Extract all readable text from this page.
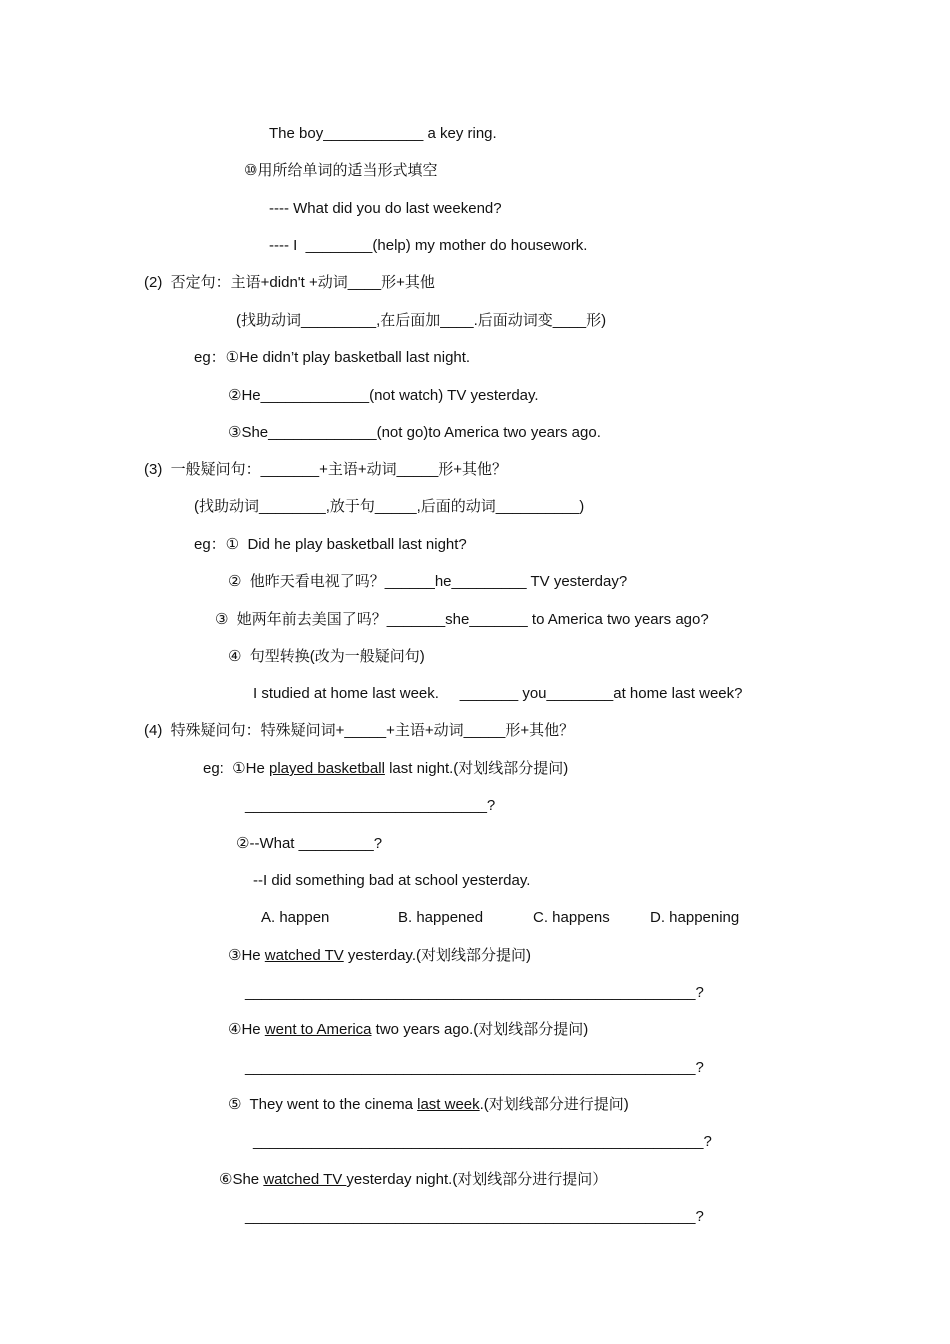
The boy____________ a key ring.
⑩用所给单词的适当形式填空
---- What did you do last weekend?
---- I  ________(help) my mother do housework.
(2)  否定句：主语+didn't +动词____形+其他
(找助动词_________,在后面加____.后面动词变____形)
eg：①He didn’t play basketball last night.
②He_____________(not watch) TV yesterday.
③She_____________(not go)to America two years ago.
(3)  一般疑问句：_______+主语+动词_____形+其他？
(找助动词________,放于句_____,后面的动词__________)
eg：①  Did he play basketball last night?
②  他昨天看电视了吗？______he_________ TV yesterday?
③  她两年前去美国了吗？_______she_______ to America two years ago?
④  句型转换(改为一般疑问句)
I studied at home last week.     _______ you________at home last week?
(4)  特殊疑问句：特殊疑问词+_____+主语+动词_____形+其他？
eg:  ①He played basketball last night.(对划线部分提问)
_____________________________?
②--What _________?
--I did something bad at school yesterday.
A. happen	B. happened	C. happens	D. happening
③He watched TV yesterday.(对划线部分提问)
______________________________________________________?
④He went to America two years ago.(对划线部分提问)
______________________________________________________?
⑤  They went to the cinema last week.(对划线部分进行提问)
______________________________________________________?
⑥She watched TV yesterday night.(对划线部分进行提问）
______________________________________________________?
